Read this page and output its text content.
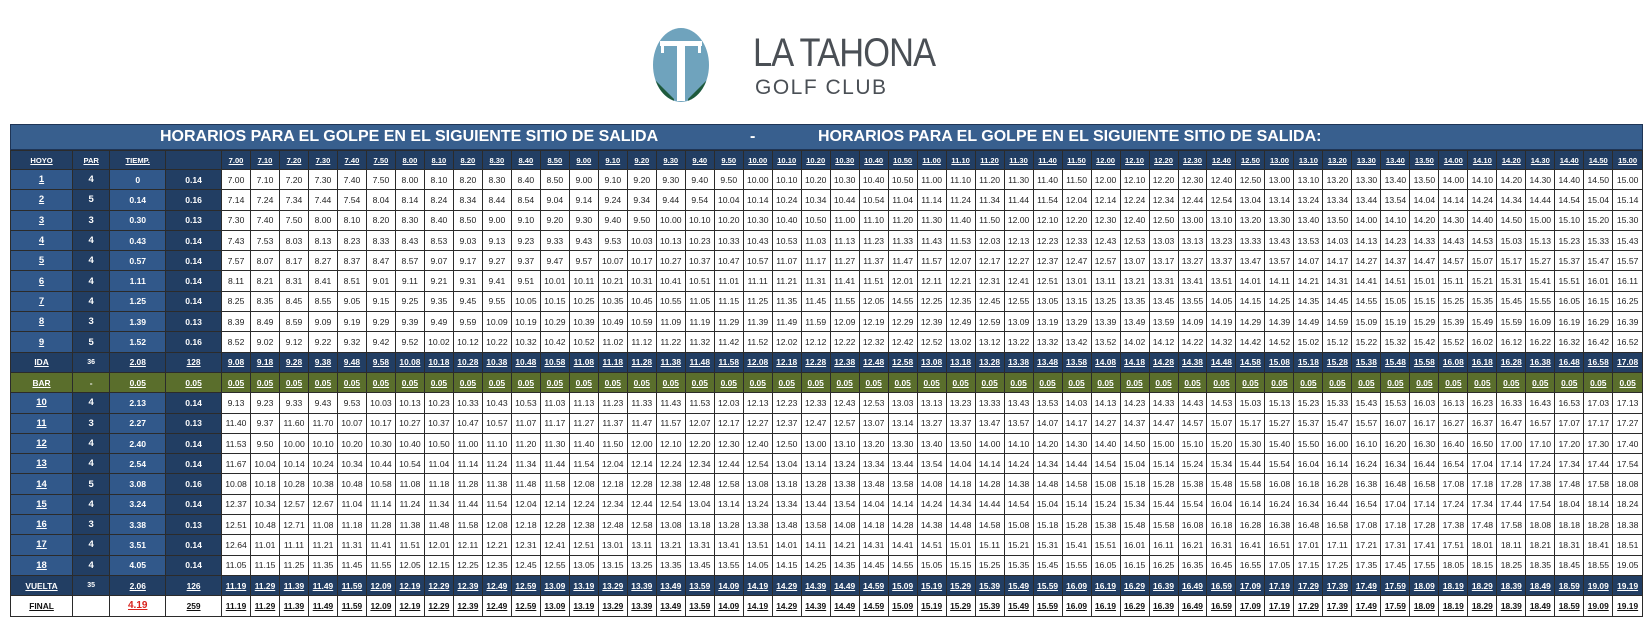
LA TAHONA
GOLF CLUB
HORARIOS PARA EL GOLPE EN EL SIGUIENTE SITIO DE SALIDA	-	HORARIOS PARA EL GOLPE EN EL SIGUIENTE SITIO DE SALIDA:
HOYO	PAR	TIEMP.		7.00	7.10	7.20	7.30	7.40	7.50	8.00	8.10	8.20	8.30	8.40	8.50	9.00	9.10	9.20	9.30	9.40	9.50	10.00	10.10	10.20	10.30	10.40	10.50	11.00	11.10	11.20	11.30	11.40	11.50	12.00	12.10	12.20	12.30	12.40	12.50	13.00	13.10	13.20	13.30	13.40	13.50	14.00	14.10	14.20	14.30	14.40	14.50	15.00
1	4	0	0.14	7.00	7.10	7.20	7.30	7.40	7.50	8.00	8.10	8.20	8.30	8.40	8.50	9.00	9.10	9.20	9.30	9.40	9.50	10.00	10.10	10.20	10.30	10.40	10.50	11.00	11.10	11.20	11.30	11.40	11.50	12.00	12.10	12.20	12.30	12.40	12.50	13.00	13.10	13.20	13.30	13.40	13.50	14.00	14.10	14.20	14.30	14.40	14.50	15.00
2	5	0.14	0.16	7.14	7.24	7.34	7.44	7.54	8.04	8.14	8.24	8.34	8.44	8.54	9.04	9.14	9.24	9.34	9.44	9.54	10.04	10.14	10.24	10.34	10.44	10.54	11.04	11.14	11.24	11.34	11.44	11.54	12.04	12.14	12.24	12.34	12.44	12.54	13.04	13.14	13.24	13.34	13.44	13.54	14.04	14.14	14.24	14.34	14.44	14.54	15.04	15.14
3	3	0.30	0.13	7.30	7.40	7.50	8.00	8.10	8.20	8.30	8.40	8.50	9.00	9.10	9.20	9.30	9.40	9.50	10.00	10.10	10.20	10.30	10.40	10.50	11.00	11.10	11.20	11.30	11.40	11.50	12.00	12.10	12.20	12.30	12.40	12.50	13.00	13.10	13.20	13.30	13.40	13.50	14.00	14.10	14.20	14.30	14.40	14.50	15.00	15.10	15.20	15.30
4	4	0.43	0.14	7.43	7.53	8.03	8.13	8.23	8.33	8.43	8.53	9.03	9.13	9.23	9.33	9.43	9.53	10.03	10.13	10.23	10.33	10.43	10.53	11.03	11.13	11.23	11.33	11.43	11.53	12.03	12.13	12.23	12.33	12.43	12.53	13.03	13.13	13.23	13.33	13.43	13.53	14.03	14.13	14.23	14.33	14.43	14.53	15.03	15.13	15.23	15.33	15.43
5	4	0.57	0.14	7.57	8.07	8.17	8.27	8.37	8.47	8.57	9.07	9.17	9.27	9.37	9.47	9.57	10.07	10.17	10.27	10.37	10.47	10.57	11.07	11.17	11.27	11.37	11.47	11.57	12.07	12.17	12.27	12.37	12.47	12.57	13.07	13.17	13.27	13.37	13.47	13.57	14.07	14.17	14.27	14.37	14.47	14.57	15.07	15.17	15.27	15.37	15.47	15.57
6	4	1.11	0.14	8.11	8.21	8.31	8.41	8.51	9.01	9.11	9.21	9.31	9.41	9.51	10.01	10.11	10.21	10.31	10.41	10.51	11.01	11.11	11.21	11.31	11.41	11.51	12.01	12.11	12.21	12.31	12.41	12.51	13.01	13.11	13.21	13.31	13.41	13.51	14.01	14.11	14.21	14.31	14.41	14.51	15.01	15.11	15.21	15.31	15.41	15.51	16.01	16.11
7	4	1.25	0.14	8.25	8.35	8.45	8.55	9.05	9.15	9.25	9.35	9.45	9.55	10.05	10.15	10.25	10.35	10.45	10.55	11.05	11.15	11.25	11.35	11.45	11.55	12.05	14.55	12.25	12.35	12.45	12.55	13.05	13.15	13.25	13.35	13.45	13.55	14.05	14.15	14.25	14.35	14.45	14.55	15.05	15.15	15.25	15.35	15.45	15.55	16.05	16.15	16.25
8	3	1.39	0.13	8.39	8.49	8.59	9.09	9.19	9.29	9.39	9.49	9.59	10.09	10.19	10.29	10.39	10.49	10.59	11.09	11.19	11.29	11.39	11.49	11.59	12.09	12.19	12.29	12.39	12.49	12.59	13.09	13.19	13.29	13.39	13.49	13.59	14.09	14.19	14.29	14.39	14.49	14.59	15.09	15.19	15.29	15.39	15.49	15.59	16.09	16.19	16.29	16.39
9	5	1.52	0.16	8.52	9.02	9.12	9.22	9.32	9.42	9.52	10.02	10.12	10.22	10.32	10.42	10.52	11.02	11.12	11.22	11.32	11.42	11.52	12.02	12.12	12.22	12.32	12.42	12.52	13.02	13.12	13.22	13.32	13.42	13.52	14.02	14.12	14.22	14.32	14.42	14.52	15.02	15.12	15.22	15.32	15.42	15.52	16.02	16.12	16.22	16.32	16.42	16.52
IDA	36	2.08	128	9.08	9.18	9.28	9.38	9.48	9.58	10.08	10.18	10.28	10.38	10.48	10.58	11.08	11.18	11.28	11.38	11.48	11.58	12.08	12.18	12.28	12.38	12.48	12.58	13.08	13.18	13.28	13.38	13.48	13.58	14.08	14.18	14.28	14.38	14.48	14.58	15.08	15.18	15.28	15.38	15.48	15.58	16.08	16.18	16.28	16.38	16.48	16.58	17.08
BAR	-	0.05	0.05	0.05	0.05	0.05	0.05	0.05	0.05	0.05	0.05	0.05	0.05	0.05	0.05	0.05	0.05	0.05	0.05	0.05	0.05	0.05	0.05	0.05	0.05	0.05	0.05	0.05	0.05	0.05	0.05	0.05	0.05	0.05	0.05	0.05	0.05	0.05	0.05	0.05	0.05	0.05	0.05	0.05	0.05	0.05	0.05	0.05	0.05	0.05	0.05	0.05
10	4	2.13	0.14	9.13	9.23	9.33	9.43	9.53	10.03	10.13	10.23	10.33	10.43	10.53	11.03	11.13	11.23	11.33	11.43	11.53	12.03	12.13	12.23	12.33	12.43	12.53	13.03	13.13	13.23	13.33	13.43	13.53	14.03	14.13	14.23	14.33	14.43	14.53	15.03	15.13	15.23	15.33	15.43	15.53	16.03	16.13	16.23	16.33	16.43	16.53	17.03	17.13
11	3	2.27	0.13	11.40	9.37	11.60	11.70	10.07	10.17	10.27	10.37	10.47	10.57	11.07	11.17	11.27	11.37	11.47	11.57	12.07	12.17	12.27	12.37	12.47	12.57	13.07	13.14	13.27	13.37	13.47	13.57	14.07	14.17	14.27	14.37	14.47	14.57	15.07	15.17	15.27	15.37	15.47	15.57	16.07	16.17	16.27	16.37	16.47	16.57	17.07	17.17	17.27
12	4	2.40	0.14	11.53	9.50	10.00	10.10	10.20	10.30	10.40	10.50	11.00	11.10	11.20	11.30	11.40	11.50	12.00	12.10	12.20	12.30	12.40	12.50	13.00	13.10	13.20	13.30	13.40	13.50	14.00	14.10	14.20	14.30	14.40	14.50	15.00	15.10	15.20	15.30	15.40	15.50	16.00	16.10	16.20	16.30	16.40	16.50	17.00	17.10	17.20	17.30	17.40
13	4	2.54	0.14	11.67	10.04	10.14	10.24	10.34	10.44	10.54	11.04	11.14	11.24	11.34	11.44	11.54	12.04	12.14	12.24	12.34	12.44	12.54	13.04	13.14	13.24	13.34	13.44	13.54	14.04	14.14	14.24	14.34	14.44	14.54	15.04	15.14	15.24	15.34	15.44	15.54	16.04	16.14	16.24	16.34	16.44	16.54	17.04	17.14	17.24	17.34	17.44	17.54
14	5	3.08	0.16	10.08	10.18	10.28	10.38	10.48	10.58	11.08	11.18	11.28	11.38	11.48	11.58	12.08	12.18	12.28	12.38	12.48	12.58	13.08	13.18	13.28	13.38	13.48	13.58	14.08	14.18	14.28	14.38	14.48	14.58	15.08	15.18	15.28	15.38	15.48	15.58	16.08	16.18	16.28	16.38	16.48	16.58	17.08	17.18	17.28	17.38	17.48	17.58	18.08
15	4	3.24	0.14	12.37	10.34	12.57	12.67	11.04	11.14	11.24	11.34	11.44	11.54	12.04	12.14	12.24	12.34	12.44	12.54	13.04	13.14	13.24	13.34	13.44	13.54	14.04	14.14	14.24	14.34	14.44	14.54	15.04	15.14	15.24	15.34	15.44	15.54	16.04	16.14	16.24	16.34	16.44	16.54	17.04	17.14	17.24	17.34	17.44	17.54	18.04	18.14	18.24
16	3	3.38	0.13	12.51	10.48	12.71	11.08	11.18	11.28	11.38	11.48	11.58	12.08	12.18	12.28	12.38	12.48	12.58	13.08	13.18	13.28	13.38	13.48	13.58	14.08	14.18	14.28	14.38	14.48	14.58	15.08	15.18	15.28	15.38	15.48	15.58	16.08	16.18	16.28	16.38	16.48	16.58	17.08	17.18	17.28	17.38	17.48	17.58	18.08	18.18	18.28	18.38
17	4	3.51	0.14	12.64	11.01	11.11	11.21	11.31	11.41	11.51	12.01	12.11	12.21	12.31	12.41	12.51	13.01	13.11	13.21	13.31	13.41	13.51	14.01	14.11	14.21	14.31	14.41	14.51	15.01	15.11	15.21	15.31	15.41	15.51	16.01	16.11	16.21	16.31	16.41	16.51	17.01	17.11	17.21	17.31	17.41	17.51	18.01	18.11	18.21	18.31	18.41	18.51
18	4	4.05	0.14	11.05	11.15	11.25	11.35	11.45	11.55	12.05	12.15	12.25	12.35	12.45	12.55	13.05	13.15	13.25	13.35	13.45	13.55	14.05	14.15	14.25	14.35	14.45	14.55	15.05	15.15	15.25	15.35	15.45	15.55	16.05	16.15	16.25	16.35	16.45	16.55	17.05	17.15	17.25	17.35	17.45	17.55	18.05	18.15	18.25	18.35	18.45	18.55	19.05
VUELTA	35	2.06	126	11.19	11.29	11.39	11.49	11.59	12.09	12.19	12.29	12.39	12.49	12.59	13.09	13.19	13.29	13.39	13.49	13.59	14.09	14.19	14.29	14.39	14.49	14.59	15.09	15.19	15.29	15.39	15.49	15.59	16.09	16.19	16.29	16.39	16.49	16.59	17.09	17.19	17.29	17.39	17.49	17.59	18.09	18.19	18.29	18.39	18.49	18.59	19.09	19.19
FINAL		4.19	259	11.19	11.29	11.39	11.49	11.59	12.09	12.19	12.29	12.39	12.49	12.59	13.09	13.19	13.29	13.39	13.49	13.59	14.09	14.19	14.29	14.39	14.49	14.59	15.09	15.19	15.29	15.39	15.49	15.59	16.09	16.19	16.29	16.39	16.49	16.59	17.09	17.19	17.29	17.39	17.49	17.59	18.09	18.19	18.29	18.39	18.49	18.59	19.09	19.19
